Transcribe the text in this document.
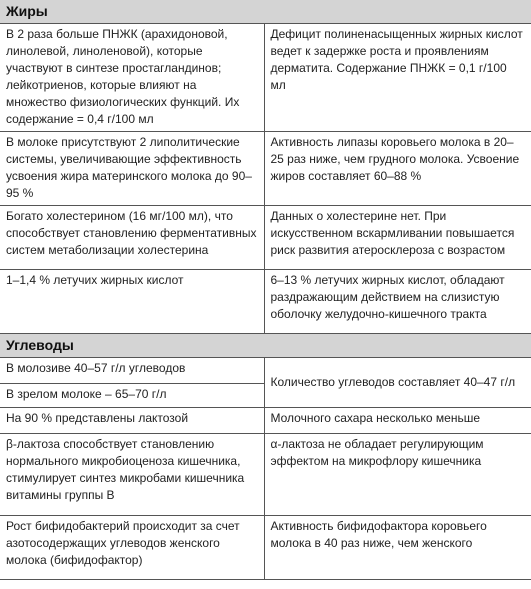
Жиры	
В 2 раза больше ПНЖК (арахидоновой, линолевой, линоленовой), которые участвуют в синтезе простагландинов; лейкотриенов, которые влияют на множество физиологических функций. Их содержание = 0,4 г/100 мл	Дефицит полиненасыщенных жирных кислот ведет к задержке роста и проявлениям дерматита. Содержание ПНЖК = 0,1 г/100 мл
В молоке присутствуют 2 липолитические системы, увеличивающие эффективность усвоения жира материнского молока до 90–95 %	Активность липазы коровьего молока в 20–25 раз ниже, чем грудного молока. Усвоение жиров составляет 60–88 %
Богато холестерином (16 мг/100 мл), что способствует становлению ферментативных систем метаболизации холестерина	Данных о холестерине нет. При искусственном вскармливании повышается риск развития атеросклероза с возрастом
1–1,4 % летучих жирных кислот	6–13 % летучих жирных кислот, обладают раздражающим действием на слизистую оболочку желудочно-кишечного тракта
Углеводы	
В молозиве 40–57 г/л углеводов	Количество углеводов составляет 40–47 г/л
В зрелом молоке – 65–70 г/л	
На 90 % представлены лактозой	Молочного сахара несколько меньше
β-лактоза способствует становлению нормального микробиоценоза кишечника, стимулирует синтез микробами кишечника витамины группы В	α-лактоза не обладает регулирующим эффектом на микрофлору кишечника
Рост бифидобактерий происходит за счет азотосодержащих углеводов женского молока (бифидофактор)	Активность бифидофактора коровьего молока в 40 раз ниже, чем женского
